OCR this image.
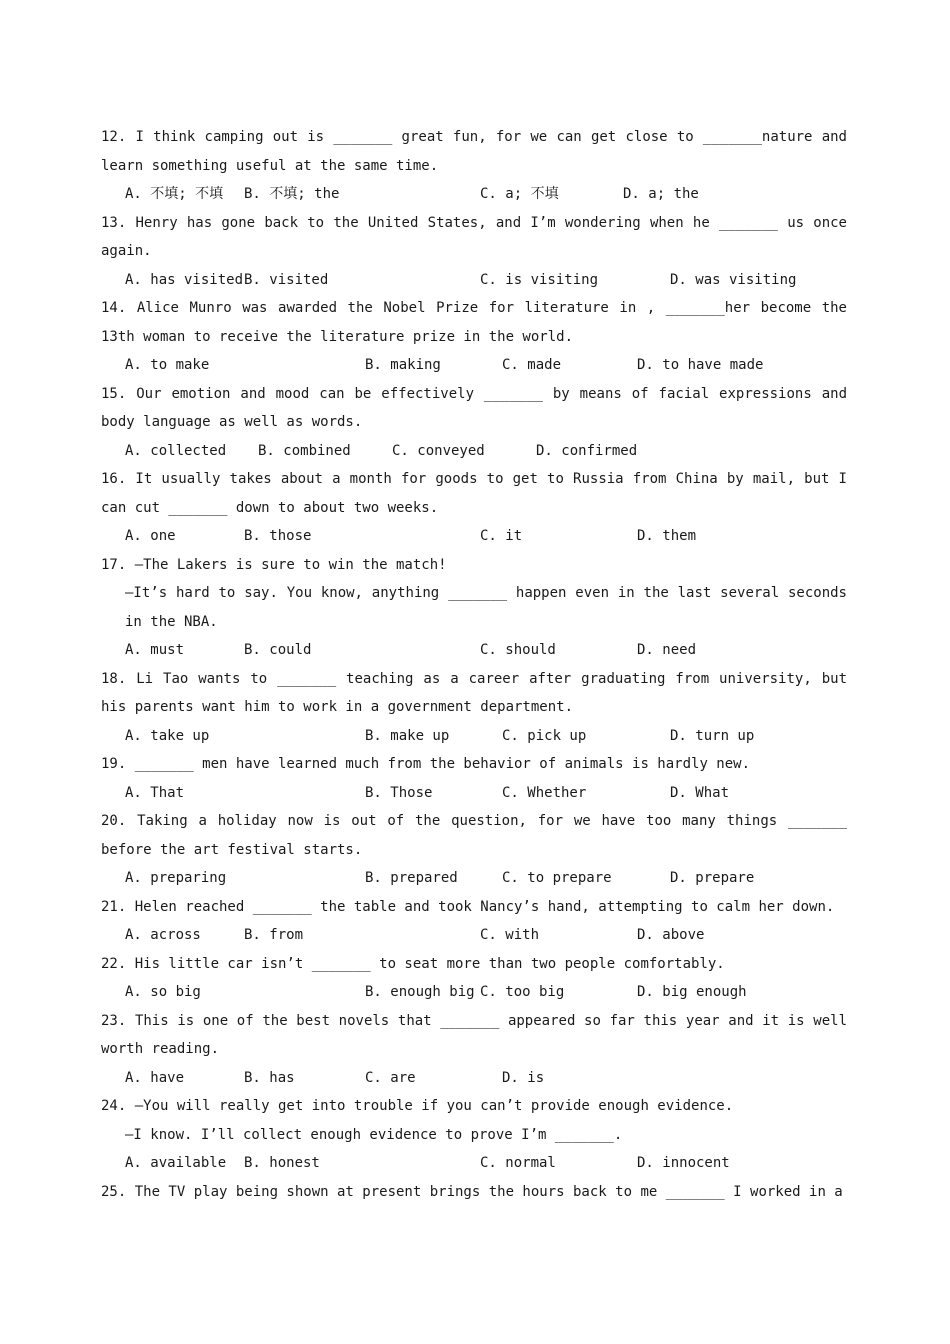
12. I think camping out is _______ great fun, for we can get close to _______nature and learn something useful at the same time.

A. 不填; 不填 B. 不填; the	C. a; 不填	D. a; the

13. Henry has gone back to the United States, and I’m wondering when he _______ us once again.

A. has visited B. visited	C. is visiting	D. was visiting

14. Alice Munro was awarded the Nobel Prize for literature in , _______her become the 13th woman to receive the literature prize in the world.

A. to make	B. making	C. made	D. to have made

15. Our emotion and mood can be effectively _______ by means of facial expressions and body language as well as words.

A. collected B. combined	C. conveyed	D. confirmed

16. It usually takes about a month for goods to get to Russia from China by mail, but I can cut _______ down to about two weeks.

A. one	B. those	C. it	D. them

17. —The Lakers is sure to win the match!

—It’s hard to say. You know, anything _______ happen even in the last several seconds in the NBA.

A. must	B. could	C. should	D. need

18. Li Tao wants to _______ teaching as a career after graduating from university, but his parents want him to work in a government department.

A. take up	B. make up	C. pick up	D. turn up

19. _______ men have learned much from the behavior of animals is hardly new.

A. That	B. Those	C. Whether	D. What

20. Taking a holiday now is out of the question, for we have too many things _______ before the art festival starts.

A. preparing	B. prepared	C. to prepare	D. prepare

21. Helen reached _______ the table and took Nancy’s hand, attempting to calm her down.

A. across	B. from	C. with	D. above

22. His little car isn’t _______ to seat more than two people comfortably.

A. so big	B. enough big C. too big	D. big enough

23. This is one of the best novels that _______ appeared so far this year and it is well worth reading.

A. have	B. has	C. are	D. is

24. —You will really get into trouble if you can’t provide enough evidence.

—I know. I’ll collect enough evidence to prove I’m _______.

A. available B. honest	C. normal	D. innocent

25. The TV play being shown at present brings the hours back to me _______ I worked in a
